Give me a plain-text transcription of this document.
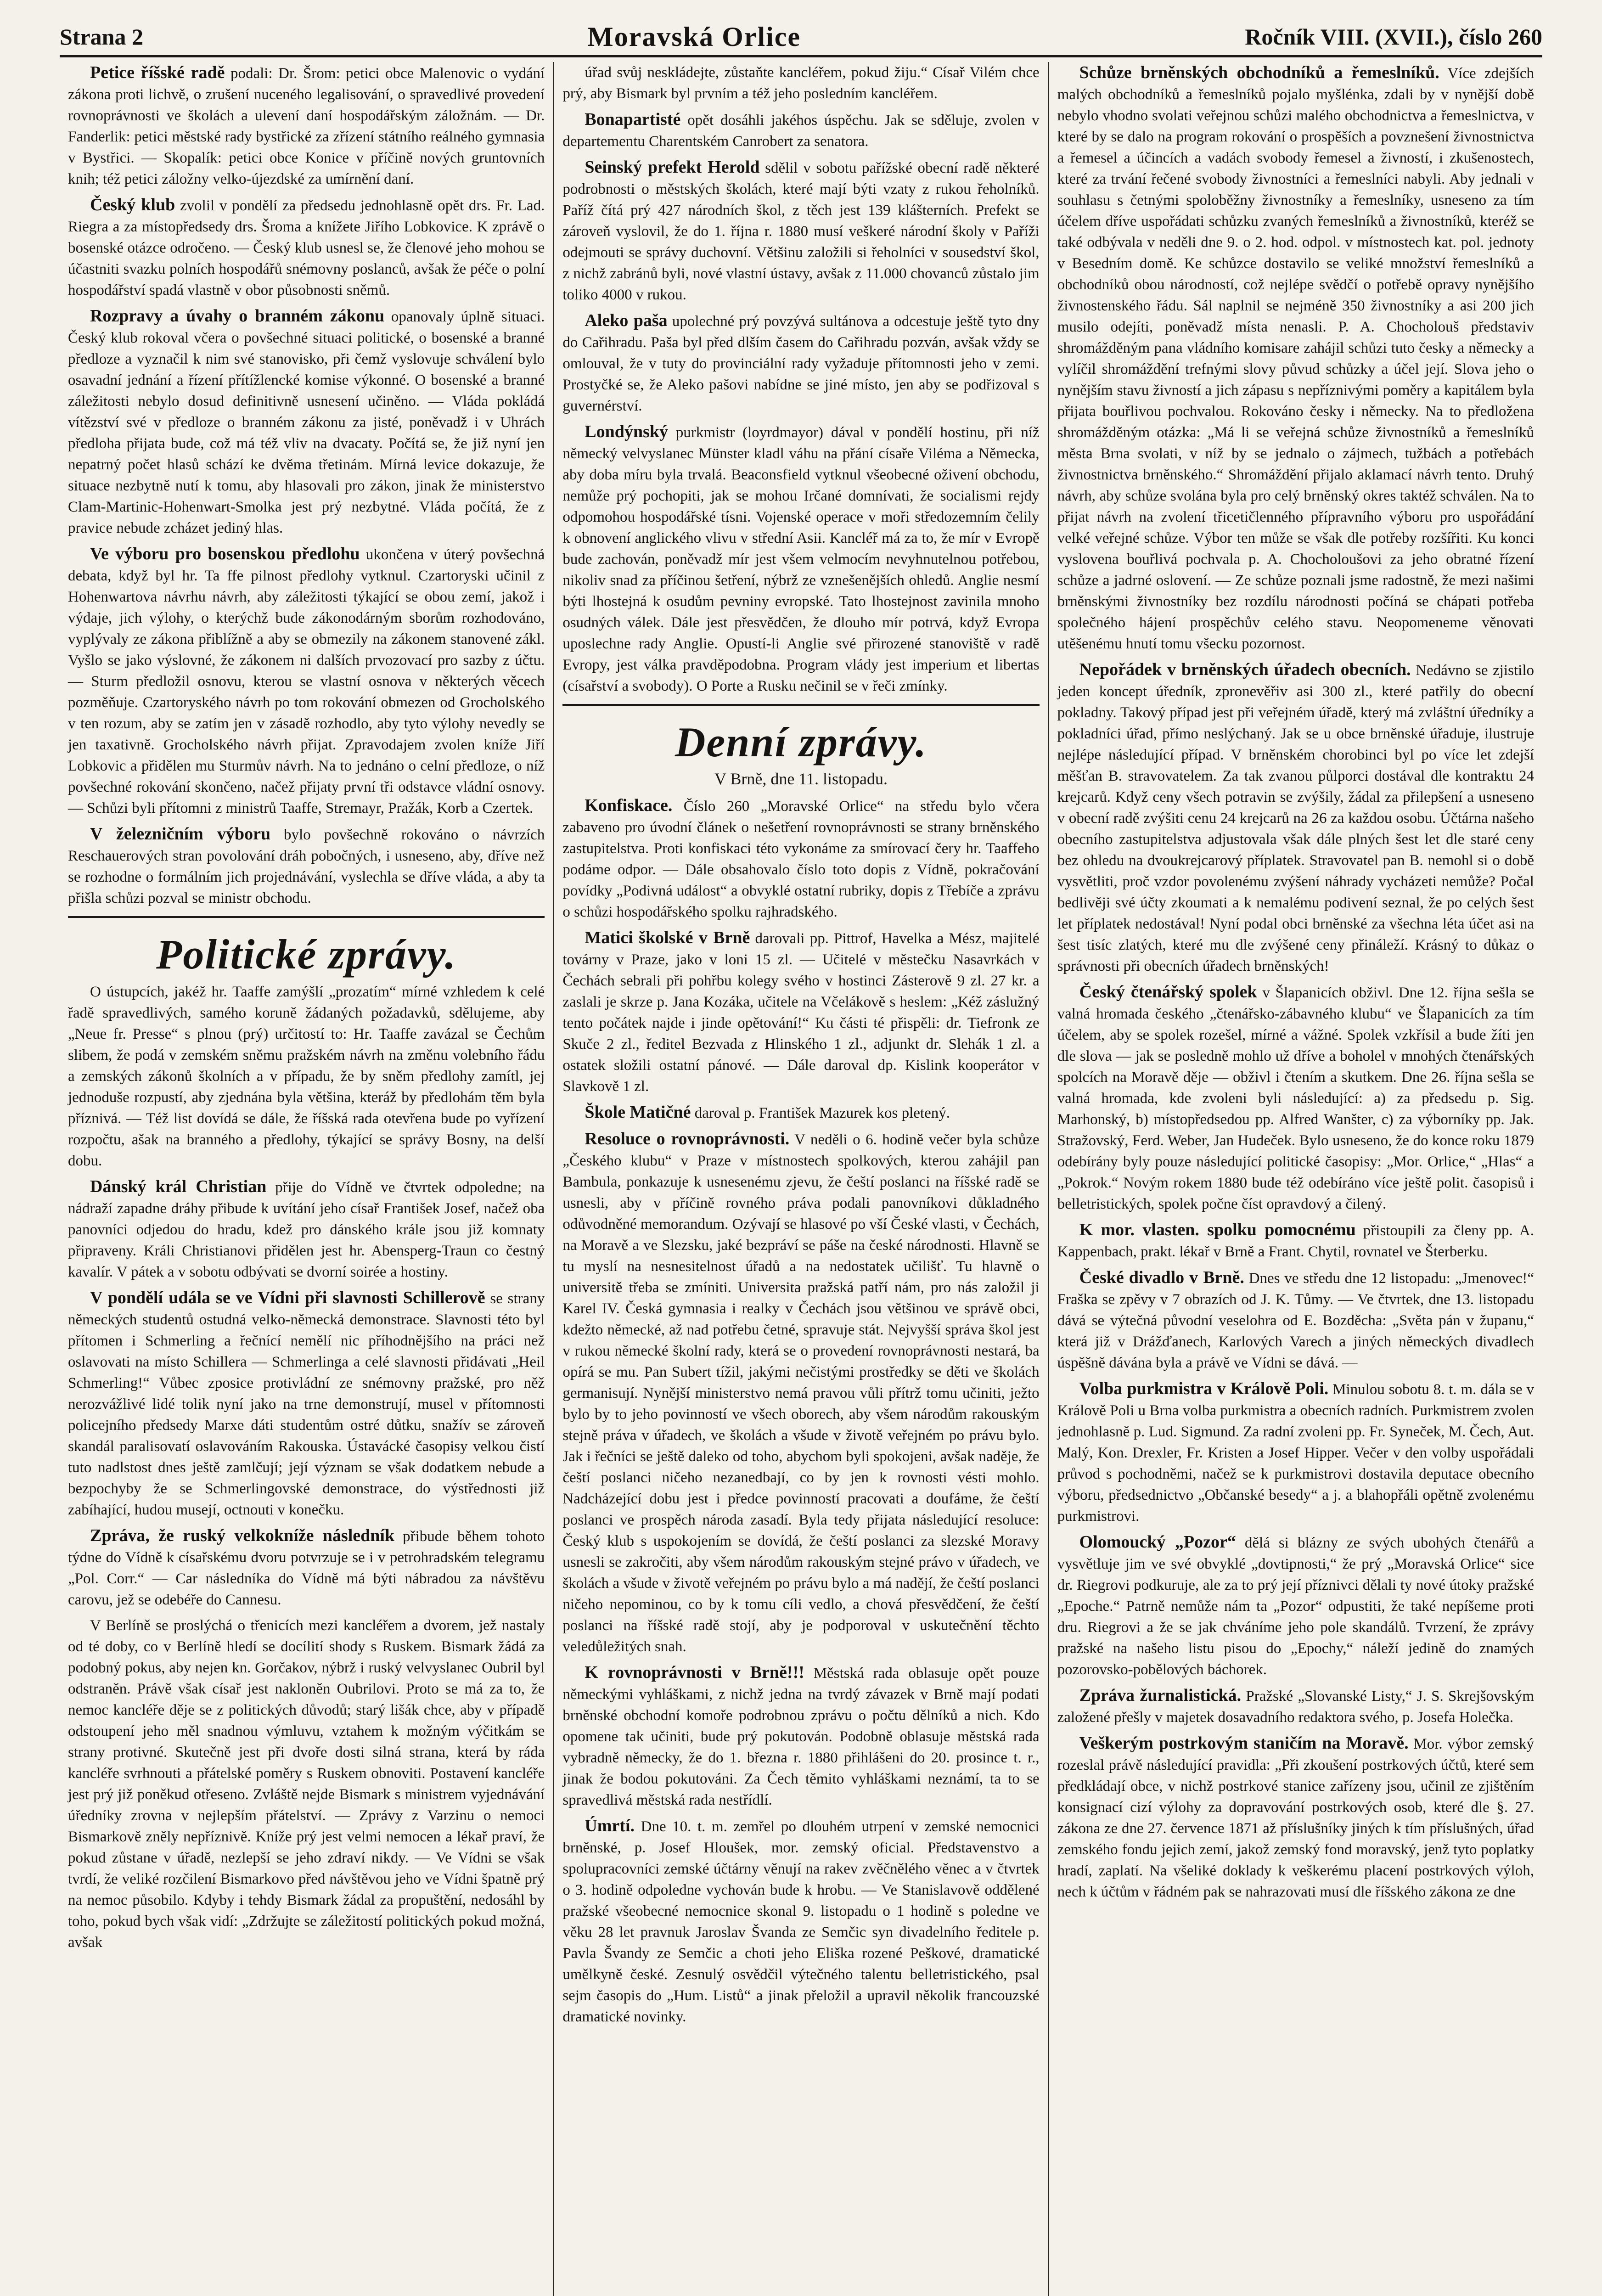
Strana 2	Moravská Orlice	Ročník VIII. (XVII.), číslo 260

Petice říšské radě podali: Dr. Šrom: petici obce Malenovic o vydání zákona proti lichvě, o zrušení nuceného legalisování, o spravedlivé provedení rovnoprávnosti ve školách a ulevení daní hospodářským záložnám. — Dr. Fanderlik: petici městské rady bystřické za zřízení státního reálného gymnasia v Bystřici. — Skopalík: petici obce Konice v příčině nových gruntovních knih; též petici záložny velko-újezdské za umírnění daní.

Český klub zvolil v pondělí za předsedu jednohlasně opět drs. Fr. Lad. Riegra a za místopředsedy drs. Šroma a knížete Jiřího Lobkovice. K zprávě o bosenské otázce odročeno. — Český klub usnesl se, že členové jeho mohou se účastniti svazku polních hospodářů snémovny poslanců, avšak že péče o polní hospodářství spadá vlastně v obor působnosti sněmů.

Rozpravy a úvahy o branném zákonu opanovaly úplně situaci. Český klub rokoval včera o povšechné situaci politické, o bosenské a branné předloze a vyznačil k nim své stanovisko, při čemž vyslovuje schválení bylo osavadní jednání a řízení přítížlencké komise výkonné. O bosenské a branné záležitosti nebylo dosud definitivně usnesení učiněno. — Vláda pokládá vítězství své v předloze o branném zákonu za jisté, poněvadž i v Uhrách předloha přijata bude, což má též vliv na dvacaty. Počítá se, že již nyní jen nepatrný počet hlasů schází ke dvěma třetinám. Mírná levice dokazuje, že situace nezbytně nutí k tomu, aby hlasovali pro zákon, jinak že ministerstvo Clam-Martinic-Hohenwart-Smolka jest prý nezbytné. Vláda počítá, že z pravice nebude zcházet jediný hlas.

Ve výboru pro bosenskou předlohu ukončena v úterý povšechná debata, když byl hr. Ta ffe pilnost předlohy vytknul. Czartoryski učinil z Hohenwartova návrhu návrh, aby záležitosti týkající se obou zemí, jakož i výdaje, jich výlohy, o kterýchž bude zákonodárným sborům rozhodováno, vyplývaly ze zákona přiblížně a aby se obmezily na zákonem stanovené zákl. Vyšlo se jako výslovné, že zákonem ni dalších prvozovací pro sazby z účtu. — Sturm předložil osnovu, kterou se vlastní osnova v některých věcech pozměňuje. Czartoryského návrh po tom rokování obmezen od Grocholského v ten rozum, aby se zatím jen v zásadě rozhodlo, aby tyto výlohy nevedly se jen taxativně. Grocholského návrh přijat. Zpravodajem zvolen kníže Jiří Lobkovic a přidělen mu Sturmův návrh. Na to jednáno o celní předloze, o níž povšechné rokování skončeno, načež přijaty první tři odstavce vládní osnovy. — Schůzi byli přítomni z ministrů Taaffe, Stremayr, Pražák, Korb a Czertek.

V železničním výboru bylo povšechně rokováno o návrzích Reschauerových stran povolování dráh pobočných, i usneseno, aby, dříve než se rozhodne o formálním jich projednávání, vyslechla se dříve vláda, a aby ta přišla schůzi pozval se ministr obchodu.

Politické zprávy.

O ústupcích, jakéž hr. Taaffe zamýšlí „prozatím“ mírné vzhledem k celé řadě spravedlivých, samého koruně žádaných požadavků, sdělujeme, aby „Neue fr. Presse“ s plnou (prý) určitostí to: Hr. Taaffe zavázal se Čechům slibem, že podá v zemském sněmu pražském návrh na změnu volebního řádu a zemských zákonů školních a v případu, že by sněm předlohy zamítl, jej jednoduše rozpustí, aby zjednána byla většina, kteráž by předlohám těm byla příznivá. — Též list dovídá se dále, že říšská rada otevřena bude po vyřízení rozpočtu, ašak na branného a předlohy, týkající se správy Bosny, na delší dobu.

Dánský král Christian přije do Vídně ve čtvrtek odpoledne; na nádraží zapadne dráhy přibude k uvítání jeho císař František Josef, načež oba panovníci odjedou do hradu, kdež pro dánského krále jsou již komnaty připraveny. Králi Christianovi přidělen jest hr. Abensperg-Traun co čestný kavalír. V pátek a v sobotu odbývati se dvorní soirée a hostiny.

V pondělí udála se ve Vídni při slavnosti Schillerově se strany německých studentů ostudná velko-německá demonstrace. Slavnosti této byl přítomen i Schmerling a řečnící nemělí nic příhodnějšího na práci než oslavovati na místo Schillera — Schmerlinga a celé slavnosti přidávati „Heil Schmerling!“ Vůbec zposice protivládní ze snémovny pražské, pro něž nerozvážlivé lidé tolik nyní jako na trne demonstrují, musel v přítomnosti policejního předsedy Marxe dáti studentům ostré důtku, snažív se zároveň skandál paralisovatí oslavováním Rakouska. Ústavácké časopisy velkou čistí tuto nadlstost dnes ještě zamlčují; její význam se však dodatkem nebude a bezpochyby že se Schmerlingovské demonstrace, do výstřednosti již zabíhající, hudou musejí, octnouti v konečku.

Zpráva, že ruský velkokníže následník přibude během tohoto týdne do Vídně k císařskému dvoru potvrzuje se i v petrohradském telegramu „Pol. Corr.“ — Car následníka do Vídně má býti nábradou za návštěvu carovu, jež se odebéře do Cannesu.

V Berlíně se proslýchá o třenicích mezi kancléřem a dvorem, jež nastaly od té doby, co v Berlíně hledí se docílití shody s Ruskem. Bismark žádá za podobný pokus, aby nejen kn. Gorčakov, nýbrž i ruský velvyslanec Oubril byl odstraněn. Právě však císař jest nakloněn Oubrilovi. Proto se má za to, že nemoc kancléře děje se z politických důvodů; starý lišák chce, aby v případě odstoupení jeho měl snadnou výmluvu, vztahem k možným výčitkám se strany protivné. Skutečně jest při dvoře dosti silná strana, která by ráda kancléře svrhnouti a přátelské poměry s Ruskem obnoviti. Postavení kancléře jest prý již poněkud otřeseno. Zvláště nejde Bismark s ministrem vyjednávání úředníky zrovna v nejlepším přátelství. — Zprávy z Varzinu o nemoci Bismarkově zněly nepříznivě. Kníže prý jest velmi nemocen a lékař praví, že pokud zůstane v úřadě, nezlepší se jeho zdraví nikdy. — Ve Vídni se však tvrdí, že veliké rozčilení Bismarkovo před návštěvou jeho ve Vídni špatně prý na nemoc působilo. Kdyby i tehdy Bismark žádal za propuštění, nedosáhl by toho, pokud bych však vidí: „Zdržujte se záležitostí politických pokud možná, avšak

úřad svůj neskládejte, zůstaňte kancléřem, pokud žiju.“ Císař Vilém chce prý, aby Bismark byl prvním a též jeho posledním kancléřem.

Bonapartisté opět dosáhli jakéhos úspěchu. Jak se sděluje, zvolen v departementu Charentském Canrobert za senatora.

Seinský prefekt Herold sdělil v sobotu pařížské obecní radě některé podrobnosti o městských školách, které mají býti vzaty z rukou řeholníků. Paříž čítá prý 427 národních škol, z těch jest 139 klášterních. Prefekt se zároveň vyslovil, že do 1. října r. 1880 musí veškeré národní školy v Paříži odejmouti se správy duchovní. Většinu založili si řeholníci v sousedství škol, z nichž zabránů byli, nové vlastní ústavy, avšak z 11.000 chovanců zůstalo jim toliko 4000 v rukou.

Aleko paša upolechné prý povzývá sultánova a odcestuje ještě tyto dny do Cařihradu. Paša byl před dlším časem do Cařihradu pozván, avšak vždy se omlouval, že v tuty do provinciální rady vyžaduje přítomnosti jeho v zemi. Prostyčké se, že Aleko pašovi nabídne se jiné místo, jen aby se podřizoval s guvernérství.

Londýnský purkmistr (loyrdmayor) dával v pondělí hostinu, při níž německý velvyslanec Münster kladl váhu na přání císaře Viléma a Německa, aby doba míru byla trvalá. Beaconsfield vytknul všeobecné oživení obchodu, nemůže prý pochopiti, jak se mohou Irčané domnívati, že socialismi rejdy odpomohou hospodářské tísni. Vojenské operace v moři středozemním čelily k obnovení anglického vlivu v střední Asii. Kancléř má za to, že mír v Evropě bude zachován, poněvadž mír jest všem velmocím nevyhnutelnou potřebou, nikoliv snad za příčinou šetření, nýbrž ze vznešenějších ohledů. Anglie nesmí býti lhostejná k osudům pevniny evropské. Tato lhostejnost zavinila mnoho osudných válek. Dále jest přesvědčen, že dlouho mír potrvá, když Evropa uposlechne rady Anglie. Opustí-li Anglie své přirozené stanoviště v radě Evropy, jest válka pravděpodobna. Program vlády jest imperium et libertas (císařství a svobody). O Porte a Rusku nečinil se v řeči zmínky.

Denní zprávy.
V Brně, dne 11. listopadu.

Konfiskace. Číslo 260 „Moravské Orlice“ na středu bylo včera zabaveno pro úvodní článek o nešetření rovnoprávnosti se strany brněnského zastupitelstva. Proti konfiskaci této vykonáme za smírovací čery hr. Taaffeho podáme odpor. — Dále obsahovalo číslo toto dopis z Vídně, pokračování povídky „Podivná událost“ a obvyklé ostatní rubriky, dopis z Třebíče a zprávu o schůzi hospodářského spolku rajhradského.

Matici školské v Brně darovali pp. Pittrof, Havelka a Mész, majitelé továrny v Praze, jako v loni 15 zl. — Učitelé v městečku Nasavrkách v Čechách sebrali při pohřbu kolegy svého v hostinci Zásterově 9 zl. 27 kr. a zaslali je skrze p. Jana Kozáka, učitele na Včelákově s heslem: „Kéž záslužný tento počátek najde i jinde opětování!“ Ku části té přispěli: dr. Tiefronk ze Skuče 2 zl., ředitel Bezvada z Hlinského 1 zl., adjunkt dr. Slehák 1 zl. a ostatek složili ostatní pánové. — Dále daroval dp. Kislink kooperátor v Slavkově 1 zl.

Škole Matičné daroval p. František Mazurek kos pletený.

Resoluce o rovnoprávnosti. V neděli o 6. hodině večer byla schůze „Českého klubu“ v Praze v místnostech spolkových, kterou zahájil pan Bambula, ponkazuje k usnesenému zjevu, že čeští poslanci na říšské radě se usnesli, aby v příčině rovného práva podali panovníkovi důkladného odůvodněné memorandum. Ozývají se hlasové po vší České vlasti, v Čechách, na Moravě a ve Slezsku, jaké bezpráví se páše na české národnosti. Hlavně se tu myslí na nesnesitelnost úřadů a na nedostatek učilišť. Tu hlavně o universitě třeba se zmíniti. Universita pražská patří nám, pro nás založil ji Karel IV. Česká gymnasia i realky v Čechách jsou většinou ve správě obci, kdežto německé, až nad potřebu četné, spravuje stát. Nejvyšší správa škol jest v rukou německé školní rady, která se o provedení rovnoprávnosti nestará, ba opírá se mu. Pan Subert tížil, jakými nečistými prostředky se děti ve školách germanisují. Nynější ministerstvo nemá pravou vůli přítrž tomu učiniti, ježto bylo by to jeho povinností ve všech oborech, aby všem národům rakouským stejně práva v úřadech, ve školách a všude v životě veřejném po právu bylo. Jak i řečníci se ještě daleko od toho, abychom byli spokojeni, avšak naděje, že čeští poslanci ničeho nezanedbají, co by jen k rovnosti vésti mohlo. Nadcházející dobu jest i předce povinností pracovati a doufáme, že čeští poslanci ve prospěch národa zasadí. Byla tedy přijata následující resoluce: Český klub s uspokojením se dovídá, že čeští poslanci za slezské Moravy usnesli se zakročiti, aby všem národům rakouským stejné právo v úřadech, ve školách a všude v životě veřejném po právu bylo a má nadějí, že čeští poslanci ničeho nepominou, co by k tomu cíli vedlo, a chová přesvědčení, že čeští poslanci na říšské radě stojí, aby je podporoval v uskutečnění těchto veledůležitých snah.

K rovnoprávnosti v Brně!!! Městská rada oblasuje opět pouze německými vyhláškami, z nichž jedna na tvrdý závazek v Brně mají podati brněnské obchodní komoře podrobnou zprávu o počtu dělníků a nich. Kdo opomene tak učiniti, bude prý pokutován. Podobně oblasuje městská rada vybradně německy, že do 1. března r. 1880 přihlášeni do 20. prosince t. r., jinak že bodou pokutováni. Za Čech těmito vyhláškami neznámí, ta to se spravedlivá městská rada nestřídlí.

Úmrtí. Dne 10. t. m. zemřel po dlouhém utrpení v zemské nemocnici brněnské, p. Josef Hloušek, mor. zemský oficial. Představenstvo a spolupracovníci zemské účtárny věnují na rakev zvěčnělého věnec a v čtvrtek o 3. hodině odpoledne vychován bude k hrobu. — Ve Stanislavově oddělené pražské všeobecné nemocnice skonal 9. listopadu o 1 hodině s poledne ve věku 28 let pravnuk Jaroslav Švanda ze Semčic syn divadelního ředitele p. Pavla Švandy ze Semčic a choti jeho Eliška rozené Peškové, dramatické umělkyně české. Zesnulý osvědčil výtečného talentu belletristického, psal sejm časopis do „Hum. Listů“ a jinak přeložil a upravil několik francouzské dramatické novinky.

Schůze brněnských obchodníků a řemeslníků. Více zdejších malých obchodníků a řemeslníků pojalo myšlénka, zdali by v nynější době nebylo vhodno svolati veřejnou schůzi malého obchodnictva a řemeslnictva, v které by se dalo na program rokování o prospěších a povznešení živnostnictva a řemesel a účincích a vadách svobody řemesel a živností, i zkušenostech, které za trvání řečené svobody živnostníci a řemeslníci nabyli. Aby jednali v souhlasu s četnými spoloběžny živnostníky a řemeslníky, usneseno za tím účelem dříve uspořádati schůzku zvaných řemeslníků a živnostníků, kteréž se také odbývala v neděli dne 9. o 2. hod. odpol. v místnostech kat. pol. jednoty v Besedním domě. Ke schůzce dostavilo se veliké množství řemeslníků a obchodníků obou národností, což nejlépe svědčí o potřebě opravy nynějšího živnostenského řádu. Sál naplnil se nejméně 350 živnostníky a asi 200 jich musilo odejíti, poněvadž místa nenasli. P. A. Chocholouš představiv shromážděným pana vládního komisare zahájil schůzi tuto česky a německy a vylíčil shromáždění trefnými slovy půvud schůzky a účel její. Slova jeho o nynějším stavu živností a jich zápasu s nepříznivými poměry a kapitálem byla přijata bouřlivou pochvalou. Rokováno česky i německy. Na to předložena shromážděným otázka: „Má li se veřejná schůze živnostníků a řemeslníků města Brna svolati, v níž by se jednalo o zájmech, tužbách a potřebách živnostnictva brněnského.“ Shromáždění přijalo aklamací návrh tento. Druhý návrh, aby schůze svolána byla pro celý brněnský okres taktéž schválen. Na to přijat návrh na zvolení třicetičlenného přípravního výboru pro uspořádání velké veřejné schůze. Výbor ten může se však dle potřeby rozšířiti. Ku konci vyslovena bouřlivá pochvala p. A. Chocholoušovi za jeho obratné řízení schůze a jadrné oslovení. — Ze schůze poznali jsme radostně, že mezi našimi brněnskými živnostníky bez rozdílu národnosti počíná se chápati potřeba společného hájení prospěchův celého stavu. Neopomeneme věnovati utěšenému hnutí tomu všecku pozornost.

Nepořádek v brněnských úřadech obecních. Nedávno se zjistilo jeden koncept úředník, zpronevěřiv asi 300 zl., které patřily do obecní pokladny. Takový případ jest při veřejném úřadě, který má zvláštní úředníky a pokladníci úřad, přímo neslýchaný. Jak se u obce brněnské úřaduje, ilustruje nejlépe následující případ. V brněnském chorobinci byl po více let zdejší měšťan B. stravovatelem. Za tak zvanou půlporci dostával dle kontraktu 24 krejcarů. Když ceny všech potravin se zvýšily, žádal za přilepšení a usneseno v obecní radě zvýšiti cenu 24 krejcarů na 26 za každou osobu. Účtárna našeho obecního zastupitelstva adjustovala však dále plných šest let dle staré ceny bez ohledu na dvoukrejcarový příplatek. Stravovatel pan B. nemohl si o době vysvětliti, proč vzdor povolenému zvýšení náhrady vycházeti nemůže? Počal bedlivěji své účty zkoumati a k nemalému podivení seznal, že po celých šest let příplatek nedostával! Nyní podal obci brněnské za všechna léta účet asi na šest tisíc zlatých, které mu dle zvýšené ceny přináleží. Krásný to důkaz o správnosti při obecních úřadech brněnských!

Český čtenářský spolek v Šlapanicích obživl. Dne 12. října sešla se valná hromada českého „čtenářsko-zábavného klubu“ ve Šlapanicích za tím účelem, aby se spolek rozešel, mírné a vážné. Spolek vzkřísil a bude žíti jen dle slova — jak se posledně mohlo už dříve a boholel v mnohých čtenářských spolcích na Moravě děje — obživl i čtením a skutkem. Dne 26. října sešla se valná hromada, kde zvoleni byli následující: a) za předsedu p. Sig. Marhonský, b) místopředsedou pp. Alfred Wanšter, c) za výborníky pp. Jak. Stražovský, Ferd. Weber, Jan Hudeček. Bylo usneseno, že do konce roku 1879 odebírány byly pouze následující politické časopisy: „Mor. Orlice,“ „Hlas“ a „Pokrok.“ Novým rokem 1880 bude též odebíráno více ještě polit. časopisů i belletristických, spolek počne číst opravdový a čilený.

K mor. vlasten. spolku pomocnému přistoupili za členy pp. A. Kappenbach, prakt. lékař v Brně a Frant. Chytil, rovnatel ve Šterberku.

České divadlo v Brně. Dnes ve středu dne 12 listopadu: „Jmenovec!“ Fraška se zpěvy v 7 obrazích od J. K. Tůmy. — Ve čtvrtek, dne 13. listopadu dává se výtečná původní veselohra od E. Bozděcha: „Světa pán v županu,“ která již v Drážďanech, Karlových Varech a jiných německých divadlech úspěšně dávána byla a právě ve Vídni se dává. —

Volba purkmistra v Králově Poli. Minulou sobotu 8. t. m. dála se v Králově Poli u Brna volba purkmistra a obecních radních. Purkmistrem zvolen jednohlasně p. Lud. Sigmund. Za radní zvoleni pp. Fr. Syneček, M. Čech, Aut. Malý, Kon. Drexler, Fr. Kristen a Josef Hipper. Večer v den volby uspořádali průvod s pochodněmi, načež se k purkmistrovi dostavila deputace obecního výboru, předsednictvo „Občanské besedy“ a j. a blahopřáli opětně zvolenému purkmistrovi.

Olomoucký „Pozor“ dělá si blázny ze svých ubohých čtenářů a vysvětluje jim ve své obvyklé „dovtipnosti,“ že prý „Moravská Orlice“ sice dr. Riegrovi podkuruje, ale za to prý její příznivci dělali ty nové útoky pražské „Epoche.“ Patrně nemůže nám ta „Pozor“ odpustiti, že také nepíšeme proti dru. Riegrovi a že se jak chváníme jeho pole skandálů. Tvrzení, že zprávy pražské na našeho listu pisou do „Epochy,“ náleží jedině do znamých pozorovsko-pobělových báchorek.

Zpráva žurnalistická. Pražské „Slovanské Listy,“ J. S. Skrejšovským založené přešly v majetek dosavadního redaktora svého, p. Josefa Holečka.

Veškerým postrkovým staničím na Moravě. Mor. výbor zemský rozeslal právě následující pravidla: „Při zkoušení postrkových účtů, které sem předkládají obce, v nichž postrkové stanice zařízeny jsou, učinil ze zjištěním konsignací cizí výlohy za dopravování postrkových osob, které dle §. 27. zákona ze dne 27. července 1871 až příslušníky jiných k tím příslušných, úřad zemského fondu jejich zemí, jakož zemský fond moravský, jenž tyto poplatky hradí, zaplatí. Na všeliké doklady k veškerému placení postrkových výloh, nech k účtům v řádném pak se nahrazovati musí dle říšského zákona ze dne
